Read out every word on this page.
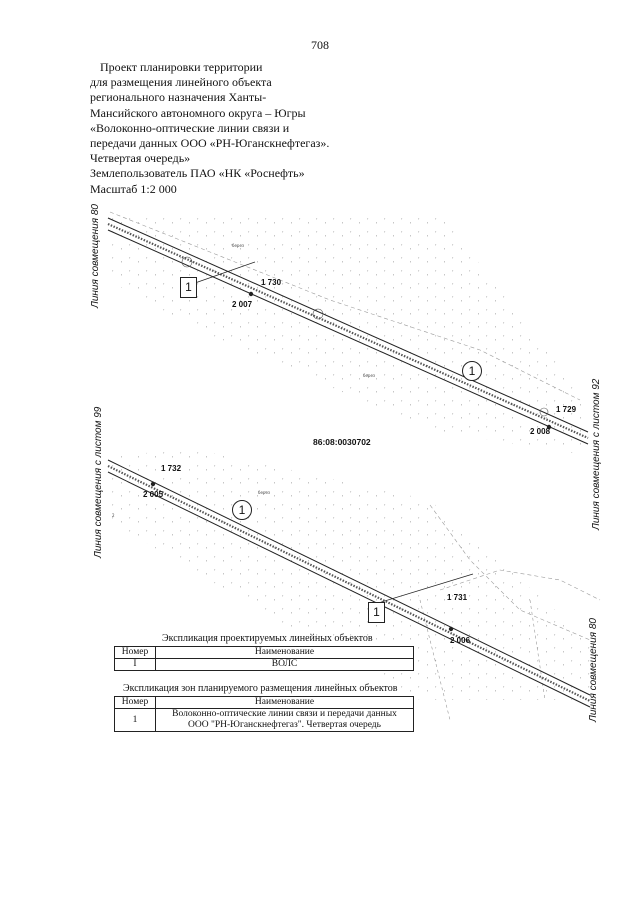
708
Проект планировки территории
для размещения линейного объекта
регионального назначения Ханты-
Мансийского автономного округа – Югры
«Волоконно-оптические линии связи и
передачи данных ООО «РН-Юганскнефтегаз».
Четвертая очередь»
Землепользователь ПАО «НК «Роснефть»
Масштаб 1:2 000
берез
берез
берез
2
Линия совмещения 80
Линия совмещения с листом 92
Линия совмещения с листом 99
Линия совмещения 80
86:08:0030702
1 730
2 007
1 729
2 008
1 732
2 005
1 731
2 006
1
1
1
1
Экспликация проектируемых линейных объектов
Номер	Наименование
I	ВОЛС
Экспликация зон планируемого размещения линейных объектов
Номер	Наименование
1	Волоконно-оптические линии связи и передачи данных
ООО "РН-Юганскнефтегаз". Четвертая очередь
